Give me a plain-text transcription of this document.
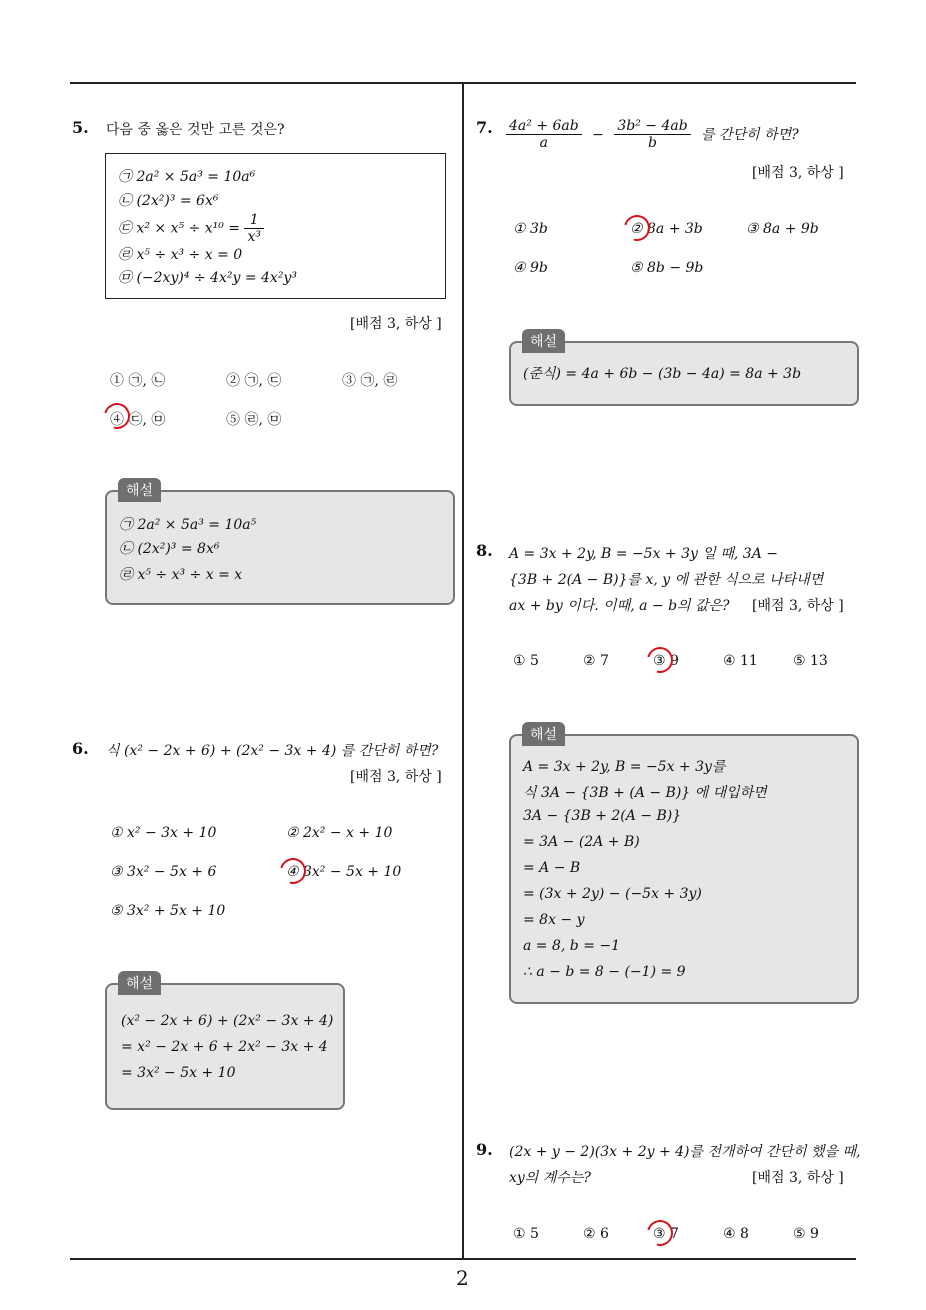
2
5. 다음 중 옳은 것만 고른 것은?
㉠ 2a² × 5a³ = 10a⁶
㉡ (2x²)³ = 6x⁶
㉢ $x^2 \times x^5 \div x^{10} = \frac{1}{\text{x³}}$
㉣ x⁵ ÷ x³ ÷ x = 0
㉤ (−2xy)⁴ ÷ 4x²y = 4x²y³
[배점 3, 하상 ]
① ㉠, ㉡	② ㉠, ㉢	③ ㉠, ㉣
④ ㉢, ㉤	⑤ ㉣, ㉤
㉠ 2a² × 5a³ = 10a⁵
㉡ (2x²)³ = 8x⁶
㉣ x⁵ ÷ x³ ÷ x = x
해설
6. 식 (x² − 2x + 6) + (2x² − 3x + 4) 를 간단히 하면?
[배점 3, 하상 ]
① x² − 3x + 10	② 2x² − x + 10
③ 3x² − 5x + 6	④ 3x² − 5x + 10
⑤ 3x² + 5x + 10
(x² − 2x + 6) + (2x² − 3x + 4)
= x² − 2x + 6 + 2x² − 3x + 4
= 3x² − 5x + 10
해설
7. $\frac{\text{4a² + 6ab}}{a} - \frac{\text{3b² − 4ab}}{b}$ 를 간단히 하면?
[배점 3, 하상 ]
① 3b	② 8a + 3b	③ 8a + 9b
④ 9b	⑤ 8b − 9b
(준식) = 4a + 6b − (3b − 4a) = 8a + 3b
해설
8. A = 3x + 2y, B = −5x + 3y 일 때, 3A −
{3B + 2(A − B)}를 x, y 에 관한 식으로 나타내면
ax + by 이다. 이때, a − b의 값은? [배점 3, 하상 ]
① 5	② 7	③ 9	④ 11	⑤ 13
A = 3x + 2y, B = −5x + 3y를
식 3A − {3B + (A − B)} 에 대입하면
3A − {3B + 2(A − B)}
= 3A − (2A + B)
= A − B
= (3x + 2y) − (−5x + 3y)
= 8x − y
a = 8, b = −1
∴ a − b = 8 − (−1) = 9
해설
9. (2x + y − 2)(3x + 2y + 4)를 전개하여 간단히 했을 때,
xy의 계수는?	[배점 3, 하상 ]
① 5	② 6	③ 7	④ 8	⑤ 9
